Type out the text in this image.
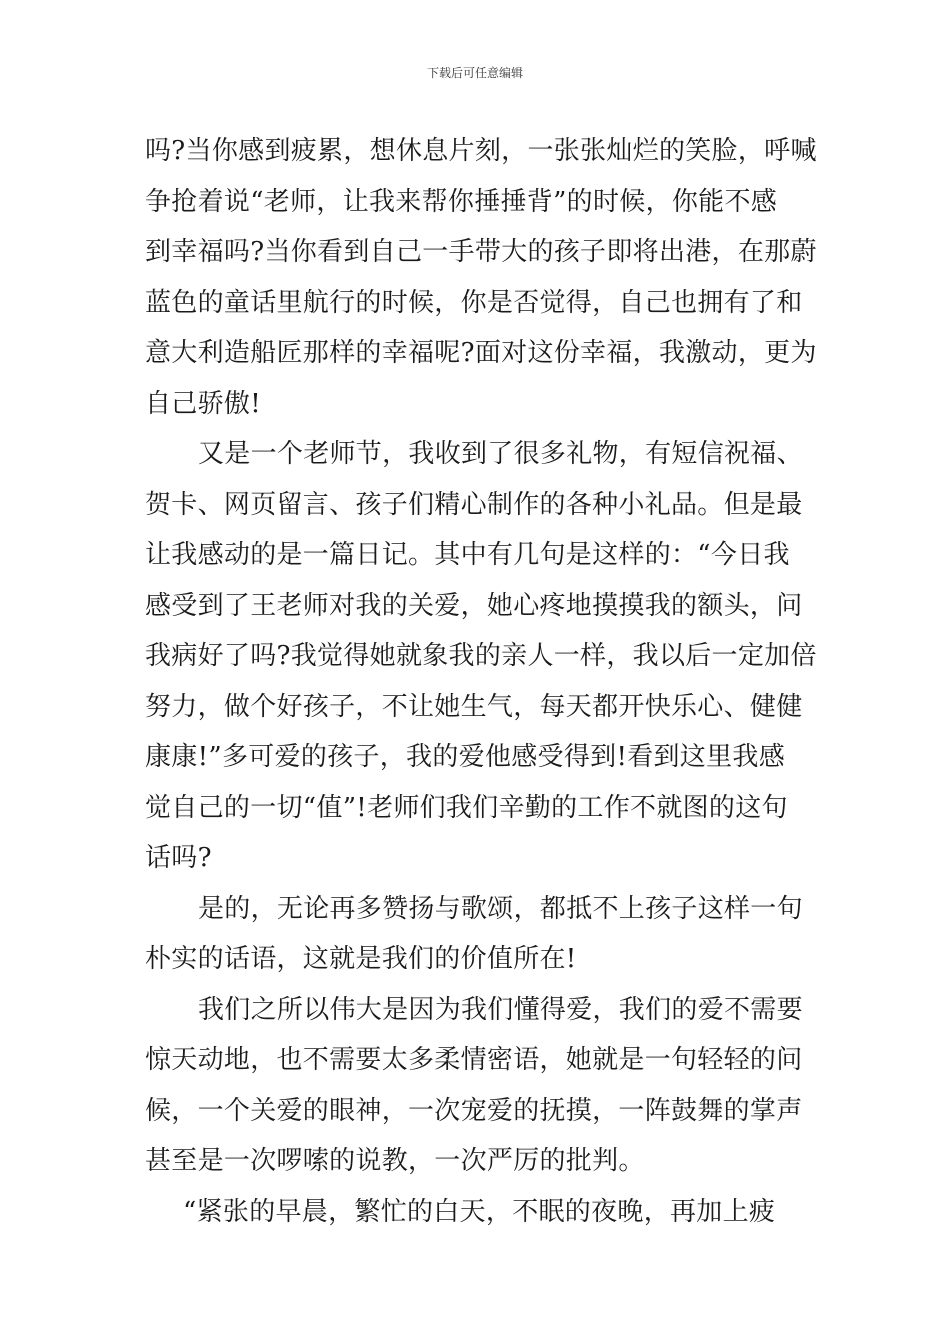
下载后可任意编辑
吗?当你感到疲累，想休息片刻，一张张灿烂的笑脸，呼喊
争抢着说“老师，让我来帮你捶捶背”的时候，你能不感
到幸福吗?当你看到自己一手带大的孩子即将出港，在那蔚
蓝色的童话里航行的时候，你是否觉得，自己也拥有了和
意大利造船匠那样的幸福呢?面对这份幸福，我激动，更为
自己骄傲!
又是一个老师节，我收到了很多礼物，有短信祝福、
贺卡、网页留言、孩子们精心制作的各种小礼品。但是最
让我感动的是一篇日记。其中有几句是这样的：“今日我
感受到了王老师对我的关爱，她心疼地摸摸我的额头，问
我病好了吗?我觉得她就象我的亲人一样，我以后一定加倍
努力，做个好孩子，不让她生气，每天都开快乐心、健健
康康!”多可爱的孩子，我的爱他感受得到!看到这里我感
觉自己的一切“值”!老师们我们辛勤的工作不就图的这句
话吗?
是的，无论再多赞扬与歌颂，都抵不上孩子这样一句
朴实的话语，这就是我们的价值所在!
我们之所以伟大是因为我们懂得爱，我们的爱不需要
惊天动地，也不需要太多柔情密语，她就是一句轻轻的问
候，一个关爱的眼神，一次宠爱的抚摸，一阵鼓舞的掌声
甚至是一次啰嗦的说教，一次严厉的批判。
“紧张的早晨，繁忙的白天，不眠的夜晚，再加上疲
